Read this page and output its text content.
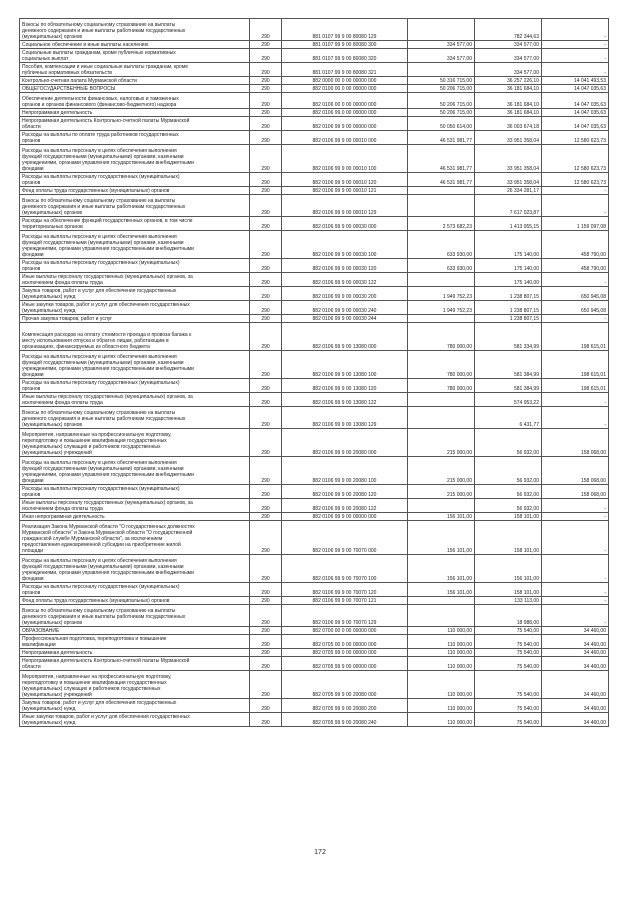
Взносы по обязательному социальному страхованию на выплаты
денежного содержания и иные выплаты работникам государственных
(муниципальных) органов	290	881 0107 99 9 00 80080 129		782 344,63	-
Социальное обеспечение и иные выплаты населению	290	881 0107 99 9 00 80080 300	334 577,00	334 577,00	-
Социальные выплаты гражданам, кроме публичных нормативных
социальных выплат	290	881 0107 99 9 00 80080 320	334 577,00	334 577,00	-
Пособия, компенсации и иные социальные выплаты гражданам, кроме
публичных нормативных обязательств	290	881 0107 99 9 00 80080 321		334 577,00	-
Контрольно-счетная палата Мурманской области	290	882 0000 00 0 00 00000 000	50 316 715,00	36 257 226,10	14 041 493,53
ОБЩЕГОСУДАРСТВЕННЫЕ ВОПРОСЫ	290	882 0100 00 0 00 00000 000	50 206 715,00	36 181 684,10	14 047 035,63
Обеспечение деятельности финансовых, налоговых и таможенных
органов и органов финансового (финансово-бюджетного) надзора	290	882 0106 00 0 00 00000 000	50 206 715,00	36 181 684,10	14 047 035,63
Непрограммная деятельность	290	882 0106 99 0 00 00000 000	50 206 715,00	36 181 684,10	14 047 035,63
Непрограммная деятельность Контрольно-счетной палаты Мурманской
области	290	882 0106 99 9 00 00000 000	50 050 614,00	36 003 674,18	14 047 035,63
Расходы на выплаты по оплате труда работников государственных
органов	290	882 0106 99 9 00 00010 000	46 531 981,77	33 951 358,04	12 580 623,73
Расходы на выплаты персоналу в целях обеспечения выполнения
функций государственными (муниципальными) органами, казенными
учреждениями, органами управления государственными внебюджетными
фондами	290	882 0106 99 9 00 00010 100	46 531 981,77	33 951 358,04	12 580 623,73
Расходы на выплаты персоналу государственных (муниципальных)
органов	290	882 0106 99 9 00 00010 120	46 531 981,77	33 951 358,04	12 580 623,73
Фонд оплаты труда государственных (муниципальных) органов	290	882 0106 99 9 00 00010 121		26 334 281,17	-
Взносы по обязательному социальному страхованию на выплаты
денежного содержания и иные выплаты работникам государственных
(муниципальных) органов	290	882 0106 99 9 00 00010 129		7 617 023,87	-
Расходы на обеспечение функций государственных органов, в том числе
территориальных органов	290	882 0106 99 9 00 00030 000	2 573 682,23	1 413 955,15	1 159 097,08
Расходы на выплаты персоналу в целях обеспечения выполнения
функций государственными (муниципальными) органами, казенными
учреждениями, органами управления государственными внебюджетными
фондами	290	882 0106 99 9 00 00030 100	633 930,00	175 140,00	458 790,00
Расходы на выплаты персоналу государственных (муниципальных)
органов	290	882 0106 99 9 00 00030 120	633 930,00	175 140,00	458 790,00
Иные выплаты персоналу государственных (муниципальных) органов, за
исключением фонда оплаты труда	290	882 0106 99 9 00 00030 122		175 140,00	-
Закупка товаров, работ и услуг для обеспечения государственных
(муниципальных) нужд	290	882 0106 99 9 00 00030 200	1 949 752,23	1 238 807,15	650 945,08
Иные закупки товаров, работ и услуг для обеспечения государственных
(муниципальных) нужд	290	882 0106 99 9 00 00030 240	1 949 752,23	1 238 807,15	650 945,08
Прочая закупка товаров, работ и услуг	290	882 0106 99 9 00 00030 244		1 238 807,15	-
Компенсация расходов на оплату стоимости проезда и провоза багажа к
месту использования отпуска и обратно лицам, работающим в
организациях, финансируемых из областного бюджета	290	882 0106 99 9 00 13080 000	780 000,00	581 334,99	198 615,01
Расходы на выплаты персоналу в целях обеспечения выполнения
функций государственными (муниципальными) органами, казенными
учреждениями, органами управления государственными внебюджетными
фондами	290	882 0106 99 9 00 13080 100	780 000,00	581 384,99	198 615,01
Расходы на выплаты персоналу государственных (муниципальных)
органов	290	882 0106 99 9 00 13080 120	780 000,00	581 384,99	198 615,01
Иные выплаты персоналу государственных (муниципальных) органов, за
исключением фонда оплаты труда	290	882 0106 99 9 00 13080 122		574 953,22	-
Взносы по обязательному социальному страхованию на выплаты
денежного содержания и иные выплаты работникам государственных
(муниципальных) органов	290	882 0106 99 9 00 13080 129		6 431,77	-
Мероприятия, направленные на профессиональную подготовку,
переподготовку и повышение квалификации государственных
(муниципальных) служащих и работников государственных
(муниципальных) учреждений	290	882 0106 99 9 00 20080 000	215 000,00	56 932,00	158 068,00
Расходы на выплаты персоналу в целях обеспечения выполнения
функций государственными (муниципальными) органами, казенными
учреждениями, органами управления государственными внебюджетными
фондами	290	882 0106 99 9 00 20080 100	215 000,00	56 932,00	158 068,00
Расходы на выплаты персоналу государственных (муниципальных)
органов	290	882 0106 99 9 00 20080 120	215 000,00	56 932,00	158 068,00
Иные выплаты персоналу государственных (муниципальных) органов, за
исключением фонда оплаты труда	290	882 0106 99 9 00 20080 122		56 932,00	-
Иная непрограммная деятельность	290	882 0106 99 9 00 00000 000	156 101,00	158 101,00	-
Реализация Закона Мурманской области "О государственных должностях
Мурманской области" и Закона Мурманской области "О государственной
гражданской службе Мурманской области", за исключением
предоставления единовременной субсидии на приобретение жилой
площади	290	882 0106 99 9 00 70070 000	156 101,00	158 101,00	-
Расходы на выплаты персоналу в целях обеспечения выполнения
функций государственными (муниципальными) органами, казенными
учреждениями, органами управления государственными внебюджетными
фондами	290	882 0106 99 9 00 70070 100	156 101,00	156 101,00	-
Расходы на выплаты персоналу государственных (муниципальных)
органов	290	882 0106 99 9 00 70070 120	156 101,00	158 101,00	-
Фонд оплаты труда государственных (муниципальных) органов	290	882 0106 99 9 00 70070 121		133 113,00	-
Взносы по обязательному социальному страхованию на выплаты
денежного содержания и иные выплаты работникам государственных
(муниципальных) органов	290	882 0106 99 9 00 70070 129		18 988,00	-
ОБРАЗОВАНИЕ	290	882 0700 00 0 00 00000 000	110 000,00	75 540,00	34 460,00
Профессиональная подготовка, переподготовка и повышение
квалификации	290	882 0705 00 0 00 00000 000	110 000,00	75 540,00	34 460,00
Непрограммная деятельность	290	882 0705 99 0 00 00000 000	110 000,00	75 540,00	34 460,00
Непрограммная деятельность Контрольно-счетной палаты Мурманской
области	290	882 0705 99 9 00 00000 000	110 000,00	75 540,00	34 460,00
Мероприятия, направленные на профессиональную подготовку,
переподготовку и повышение квалификации государственных
(муниципальных) служащих и работников государственных
(муниципальных) учреждений	290	882 0705 99 9 00 20080 000	110 000,00	75 540,00	34 460,00
Закупка товаров, работ и услуг для обеспечения государственных
(муниципальных) нужд	290	882 0705 99 9 00 20080 200	110 000,00	75 540,00	34 460,00
Иные закупки товаров, работ и услуг для обеспечения государственных
(муниципальных) нужд	290	882 0705 99 9 00 20080 240	110 000,00	75 540,00	34 460,00
172
